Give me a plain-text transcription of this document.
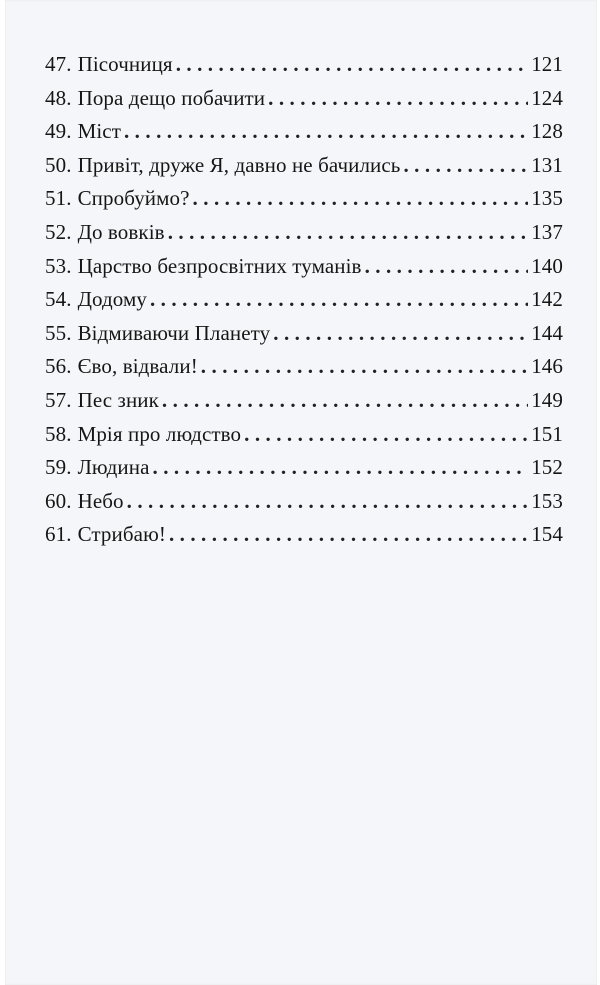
47. Пісочниця . . .	121
48. Пора дещо побачити . . .	124
49. Міст . . .	128
50. Привіт, друже Я, давно не бачились . . .	131
51. Спробуймо? . . .	135
52. До вовків . . .	137
53. Царство безпросвітних туманів . . .	140
54. Додому . . .	142
55. Відмиваючи Планету . . .	144
56. Єво, відвали! . . .	146
57. Пес зник . . .	149
58. Мрія про людство . . .	151
59. Людина . . .	152
60. Небо . . .	153
61. Стрибаю! . . .	154
